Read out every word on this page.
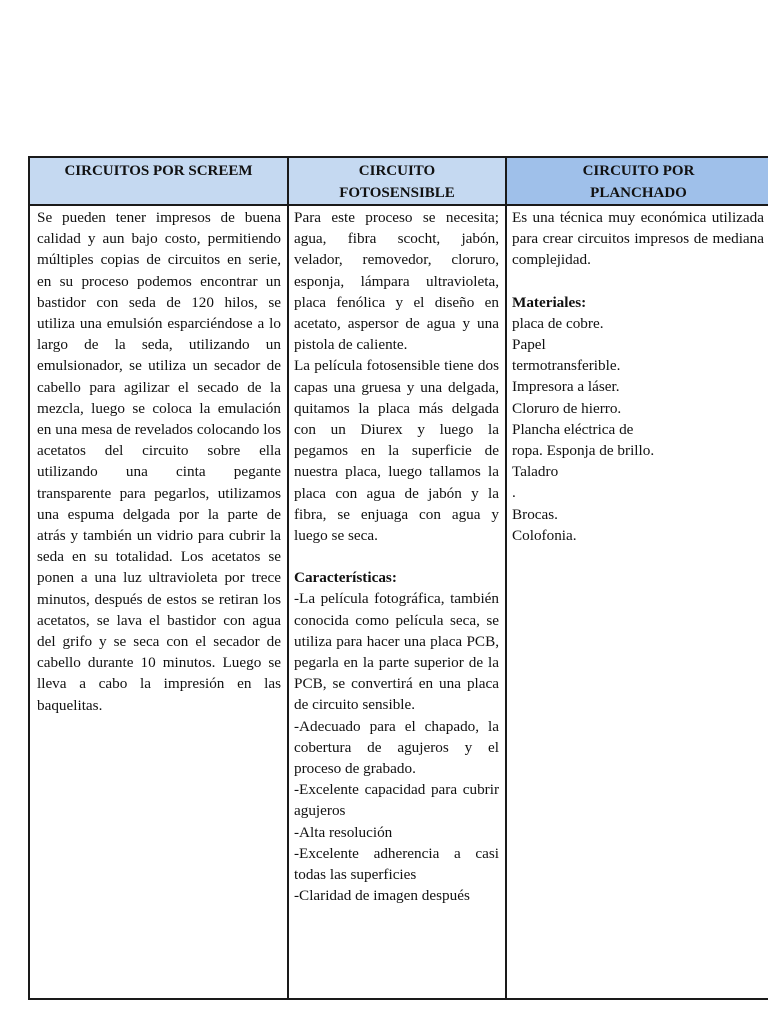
CIRCUITOS POR SCREEM	CIRCUITO FOTOSENSIBLE
CIRCUITO POR PLANCHADO

Se pueden tener impresos de buena calidad y aun bajo costo, permitiendo múltiples copias de circuitos en serie, en su proceso podemos encontrar un bastidor con seda de 120 hilos, se utiliza una emulsión esparciéndose a lo largo de la seda, utilizando un emulsionador, se utiliza un secador de cabello para agilizar el secado de la mezcla, luego se coloca la emulación en una mesa de revelados colocando los acetatos del circuito sobre ella utilizando una cinta pegante transparente para pegarlos, utilizamos una espuma delgada por la parte de atrás y también un vidrio para cubrir la seda en su totalidad. Los acetatos se ponen a una luz ultravioleta por trece minutos, después de estos se retiran los acetatos, se lava el bastidor con agua del grifo y se seca con el secador de cabello durante 10 minutos. Luego se lleva a cabo la impresión en las baquelitas.

Para este proceso se necesita; agua, fibra scocht, jabón, velador, removedor, cloruro, esponja, lámpara ultravioleta, placa fenólica y el diseño en acetato, aspersor de agua y una pistola de caliente.

La película fotosensible tiene dos capas una gruesa y una delgada, quitamos la placa más delgada con un Diurex y luego la pegamos en la superficie de nuestra placa, luego tallamos la placa con agua de jabón y la fibra, se enjuaga con agua y luego se seca.

Características:

-La película fotográfica, también conocida como película seca, se utiliza para hacer una placa PCB, pegarla en la parte superior de la PCB, se convertirá en una placa de circuito sensible.

-Adecuado para el chapado, la cobertura de agujeros y el proceso de grabado.

-Excelente capacidad para cubrir agujeros

-Alta resolución

-Excelente adherencia a casi todas las superficies

-Claridad de imagen después

Es una técnica muy económica utilizada para crear circuitos impresos de mediana complejidad.

Materiales:

placa de cobre.

Papel

termotransferible.

Impresora a láser.

Cloruro de hierro.

Plancha eléctrica de

ropa. Esponja de brillo.

Taladro

.

Brocas.

Colofonia.
